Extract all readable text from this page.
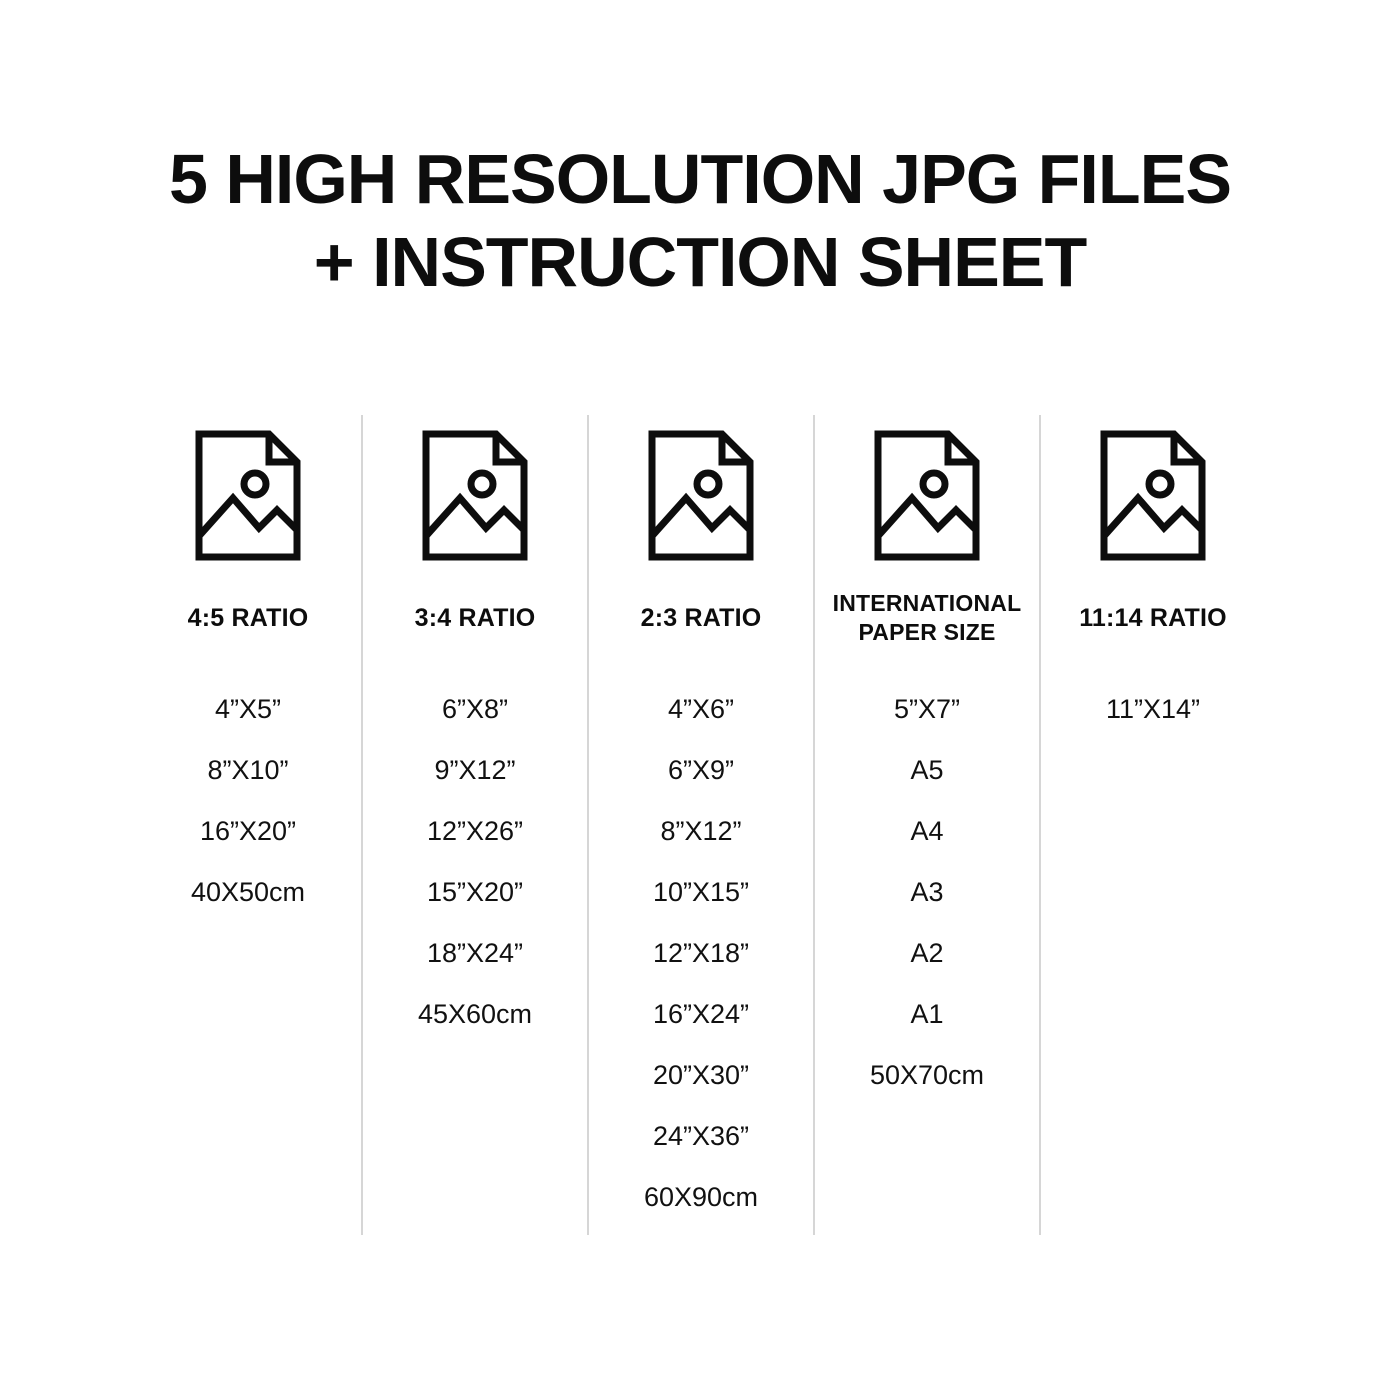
5 HIGH RESOLUTION JPG FILES
+ INSTRUCTION SHEET
4:5 RATIO
4”X5”
8”X10”
16”X20”
40X50cm
3:4 RATIO
6”X8”
9”X12”
12”X26”
15”X20”
18”X24”
45X60cm
2:3 RATIO
4”X6”
6”X9”
8”X12”
10”X15”
12”X18”
16”X24”
20”X30”
24”X36”
60X90cm
INTERNATIONAL PAPER SIZE
5”X7”
A5
A4
A3
A2
A1
50X70cm
11:14 RATIO
11”X14”
